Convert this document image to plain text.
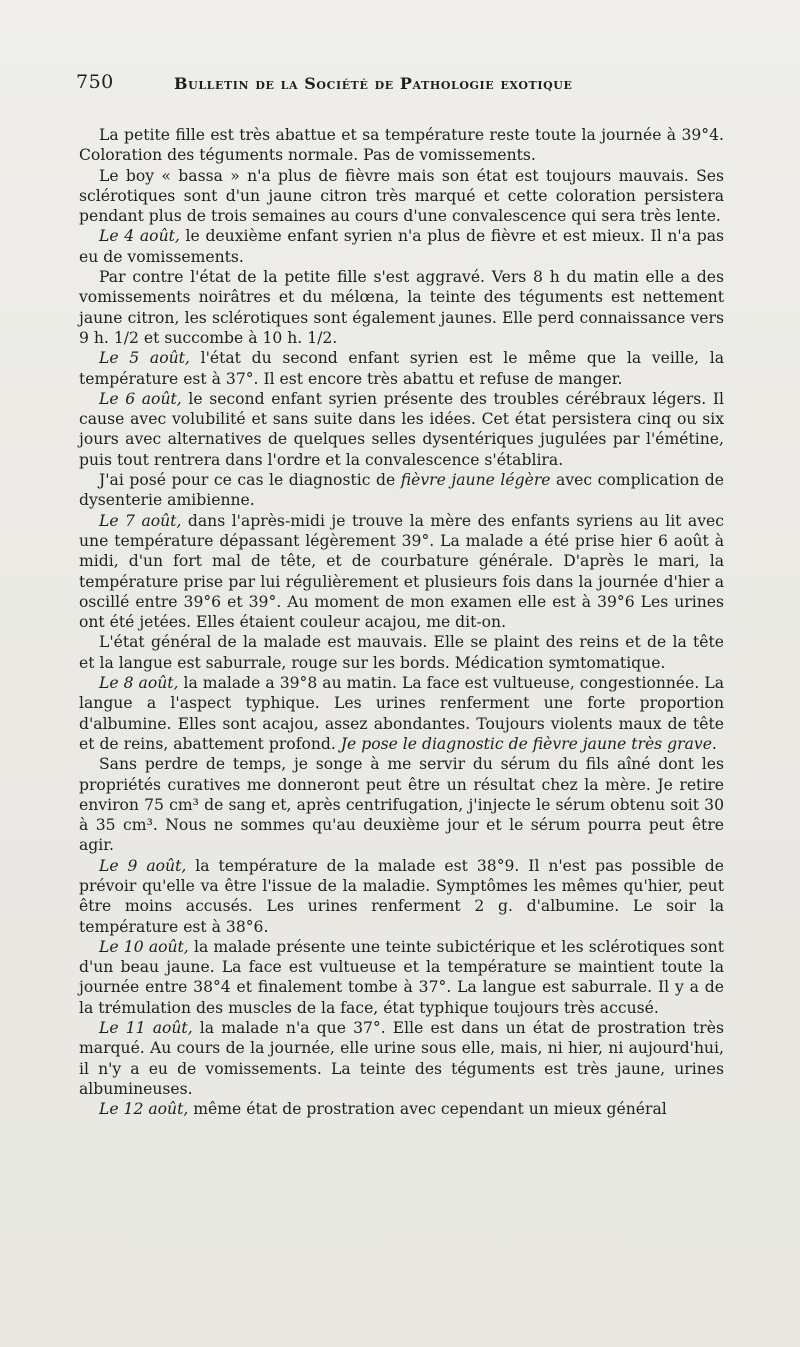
750	Bulletin de la Société de Pathologie exotique

La petite fille est très abattue et sa température reste toute la journée à 39°4. Coloration des téguments normale. Pas de vomissements.

Le boy « bassa » n'a plus de fièvre mais son état est toujours mauvais. Ses sclérotiques sont d'un jaune citron très marqué et cette coloration persistera pendant plus de trois semaines au cours d'une convalescence qui sera très lente.

Le 4 août, le deuxième enfant syrien n'a plus de fièvre et est mieux. Il n'a pas eu de vomissements.

Par contre l'état de la petite fille s'est aggravé. Vers 8 h du matin elle a des vomissements noirâtres et du mélœna, la teinte des téguments est nettement jaune citron, les sclérotiques sont également jaunes. Elle perd connaissance vers 9 h. 1/2 et succombe à 10 h. 1/2.

Le 5 août, l'état du second enfant syrien est le même que la veille, la température est à 37°. Il est encore très abattu et refuse de manger.

Le 6 août, le second enfant syrien présente des troubles cérébraux légers. Il cause avec volubilité et sans suite dans les idées. Cet état persistera cinq ou six jours avec alternatives de quelques selles dysentériques jugulées par l'émétine, puis tout rentrera dans l'ordre et la convalescence s'établira.

J'ai posé pour ce cas le diagnostic de fièvre jaune légère avec complication de dysenterie amibienne.

Le 7 août, dans l'après-midi je trouve la mère des enfants syriens au lit avec une température dépassant légèrement 39°. La malade a été prise hier 6 août à midi, d'un fort mal de tête, et de courbature générale. D'après le mari, la température prise par lui régulièrement et plusieurs fois dans la journée d'hier a oscillé entre 39°6 et 39°. Au moment de mon examen elle est à 39°6 Les urines ont été jetées. Elles étaient couleur acajou, me dit-on.

L'état général de la malade est mauvais. Elle se plaint des reins et de la tête et la langue est saburrale, rouge sur les bords. Médication symtomatique.

Le 8 août, la malade a 39°8 au matin. La face est vultueuse, congestionnée. La langue a l'aspect typhique. Les urines renferment une forte proportion d'albumine. Elles sont acajou, assez abondantes. Toujours violents maux de tête et de reins, abattement profond. Je pose le diagnostic de fièvre jaune très grave.

Sans perdre de temps, je songe à me servir du sérum du fils aîné dont les propriétés curatives me donneront peut être un résultat chez la mère. Je retire environ 75 cm³ de sang et, après centrifugation, j'injecte le sérum obtenu soit 30 à 35 cm³. Nous ne sommes qu'au deuxième jour et le sérum pourra peut être agir.

Le 9 août, la température de la malade est 38°9. Il n'est pas possible de prévoir qu'elle va être l'issue de la maladie. Symptômes les mêmes qu'hier, peut être moins accusés. Les urines renferment 2 g. d'albumine. Le soir la température est à 38°6.

Le 10 août, la malade présente une teinte subictérique et les sclérotiques sont d'un beau jaune. La face est vultueuse et la température se maintient toute la journée entre 38°4 et finalement tombe à 37°. La langue est saburrale. Il y a de la trémulation des muscles de la face, état typhique toujours très accusé.

Le 11 août, la malade n'a que 37°. Elle est dans un état de prostration très marqué. Au cours de la journée, elle urine sous elle, mais, ni hier, ni aujourd'hui, il n'y a eu de vomissements. La teinte des téguments est très jaune, urines albumineuses.

Le 12 août, même état de prostration avec cependant un mieux général
